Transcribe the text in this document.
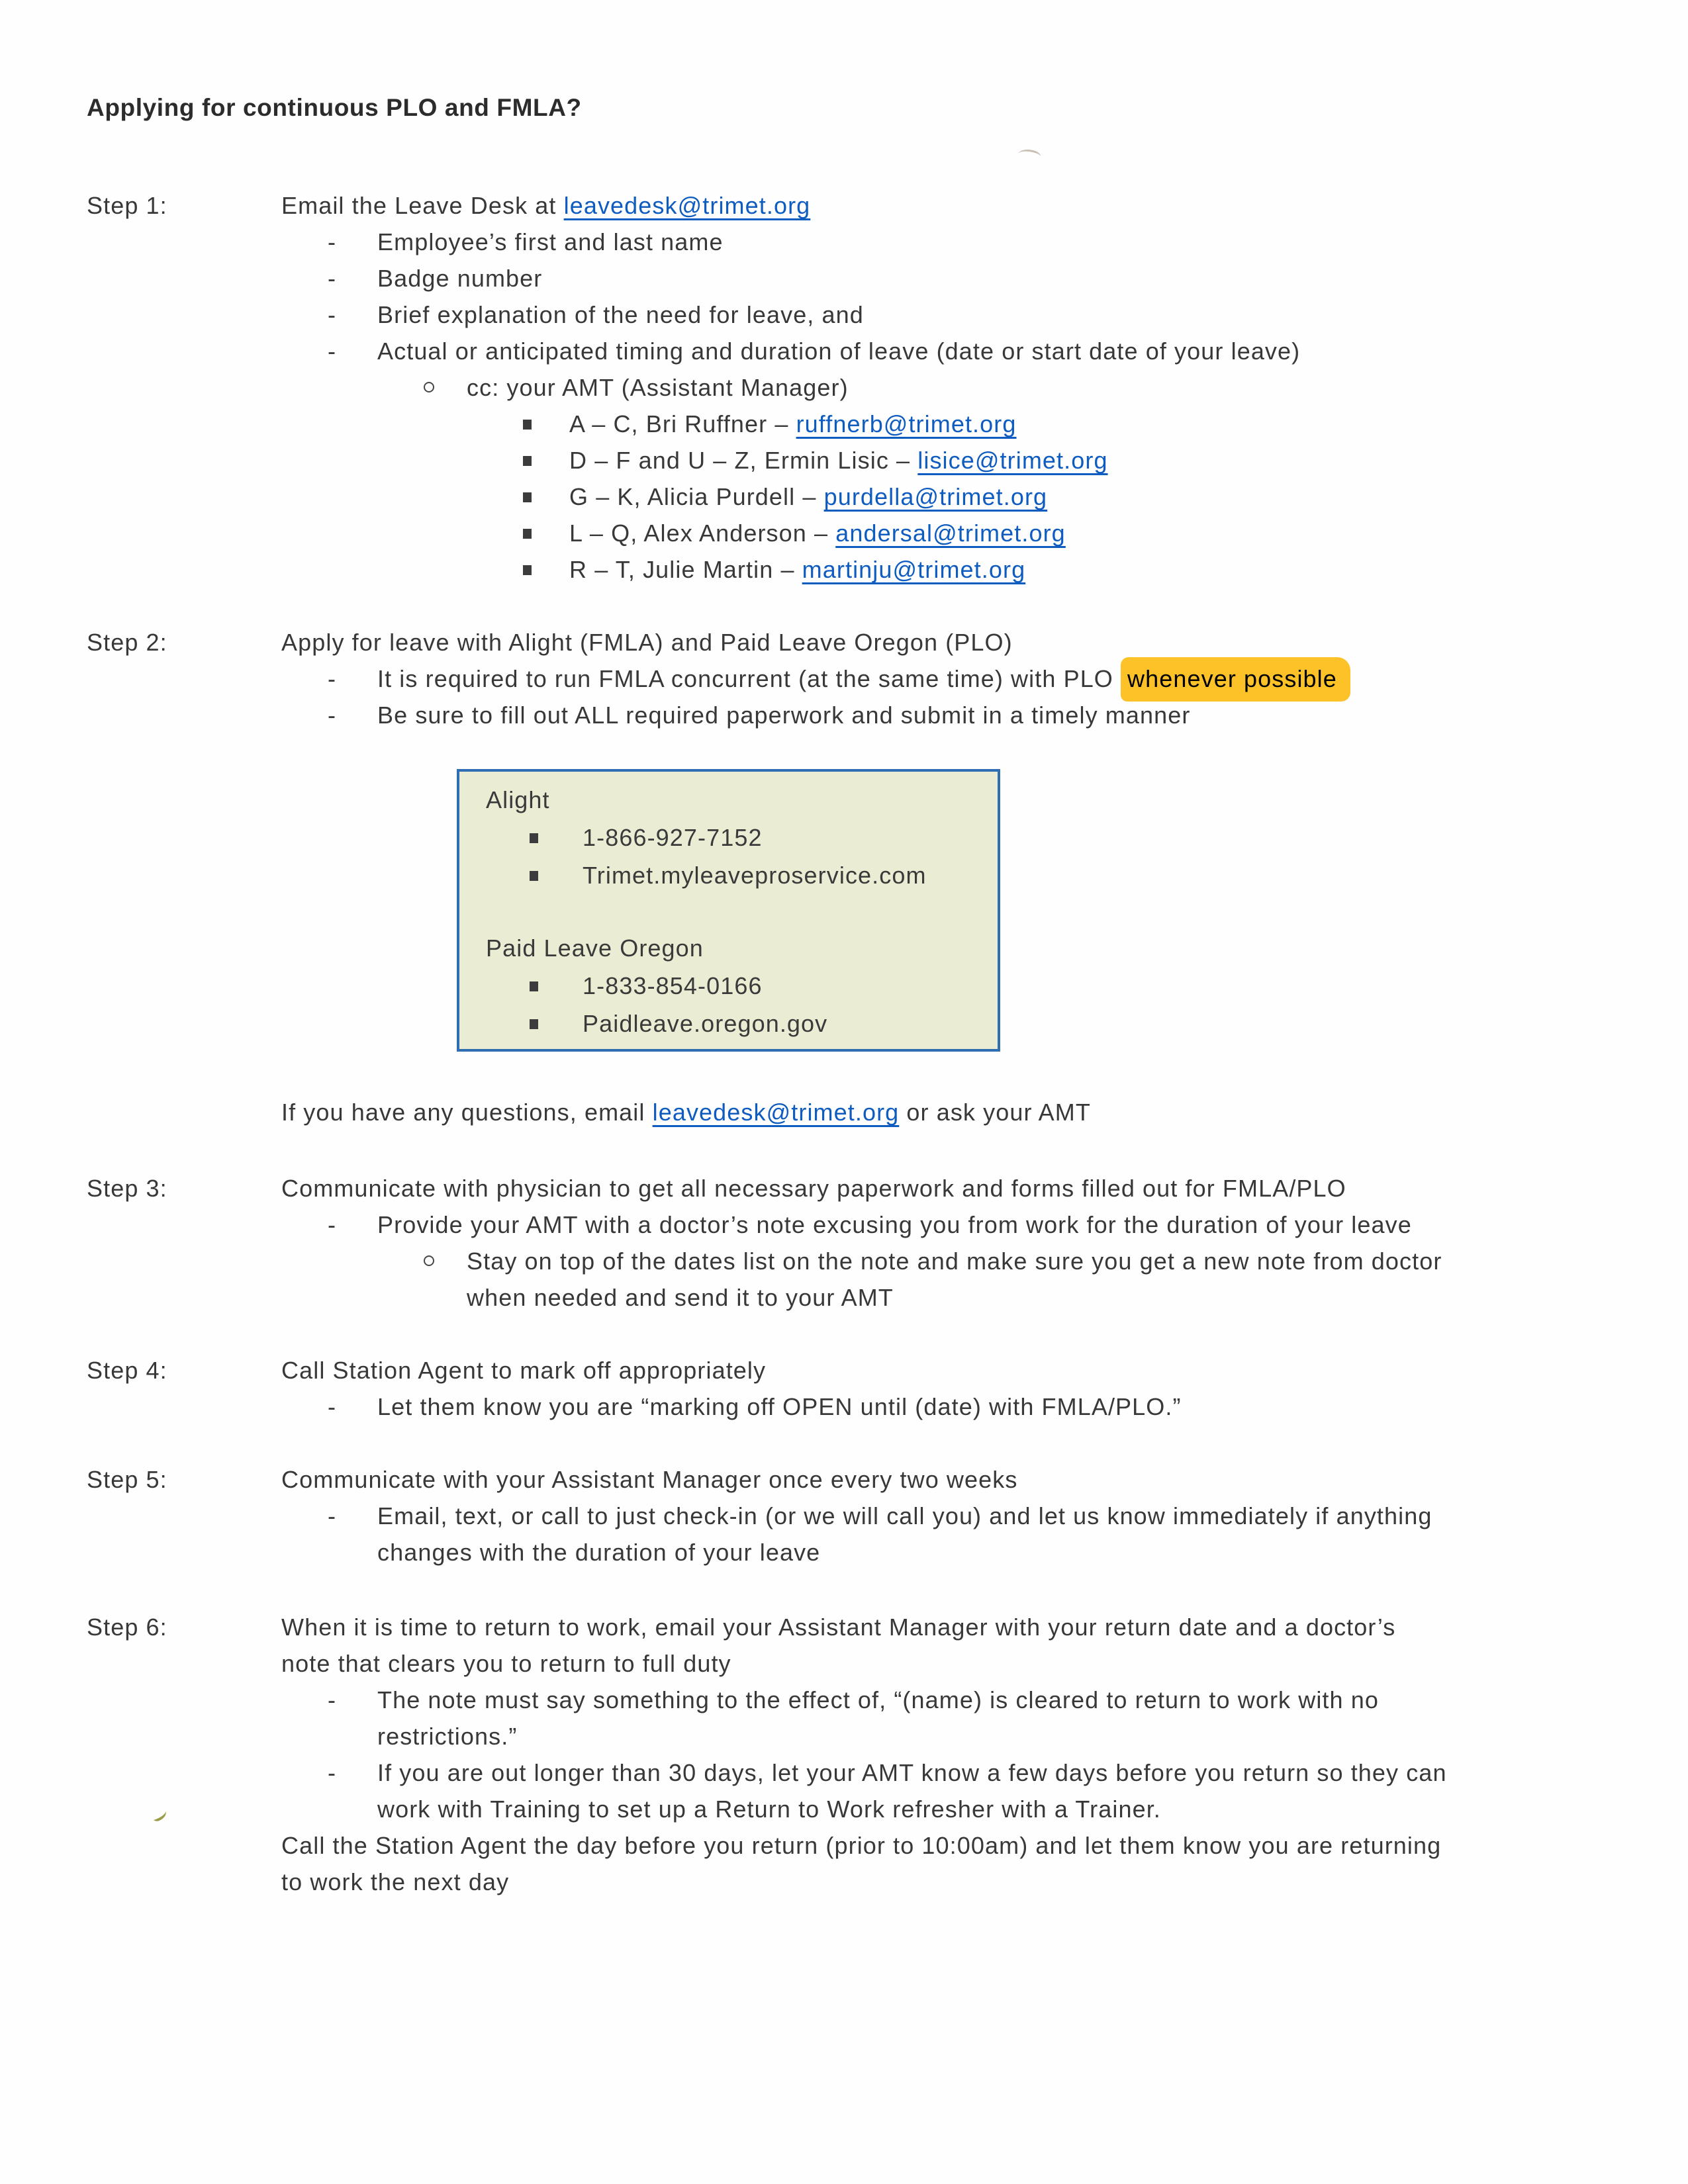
Applying for continuous PLO and FMLA?
Step 1:	Email the Leave Desk at leavedesk@trimet.org
- Employee’s first and last name
- Badge number
- Brief explanation of the need for leave, and
- Actual or anticipated timing and duration of leave (date or start date of your leave)
cc: your AMT (Assistant Manager)
A – C, Bri Ruffner – ruffnerb@trimet.org
D – F and U – Z, Ermin Lisic – lisice@trimet.org
G – K, Alicia Purdell – purdella@trimet.org
L – Q, Alex Anderson – andersal@trimet.org
R – T, Julie Martin – martinju@trimet.org
Step 2:	Apply for leave with Alight (FMLA) and Paid Leave Oregon (PLO)
- It is required to run FMLA concurrent (at the same time) with PLO whenever possible
- Be sure to fill out ALL required paperwork and submit in a timely manner
Alight
1-866-927-7152
Trimet.myleaveproservice.com
Paid Leave Oregon
1-833-854-0166
Paidleave.oregon.gov
If you have any questions, email leavedesk@trimet.org or ask your AMT
Step 3:	Communicate with physician to get all necessary paperwork and forms filled out for FMLA/PLO
- Provide your AMT with a doctor’s note excusing you from work for the duration of your leave
Stay on top of the dates list on the note and make sure you get a new note from doctor
when needed and send it to your AMT
Step 4:	Call Station Agent to mark off appropriately
- Let them know you are “marking off OPEN until (date) with FMLA/PLO.”
Step 5:	Communicate with your Assistant Manager once every two weeks
- Email, text, or call to just check-in (or we will call you) and let us know immediately if anything
changes with the duration of your leave
Step 6:	When it is time to return to work, email your Assistant Manager with your return date and a doctor’s
note that clears you to return to full duty
- The note must say something to the effect of, “(name) is cleared to return to work with no
restrictions.”
- If you are out longer than 30 days, let your AMT know a few days before you return so they can
work with Training to set up a Return to Work refresher with a Trainer.
Call the Station Agent the day before you return (prior to 10:00am) and let them know you are returning
to work the next day
